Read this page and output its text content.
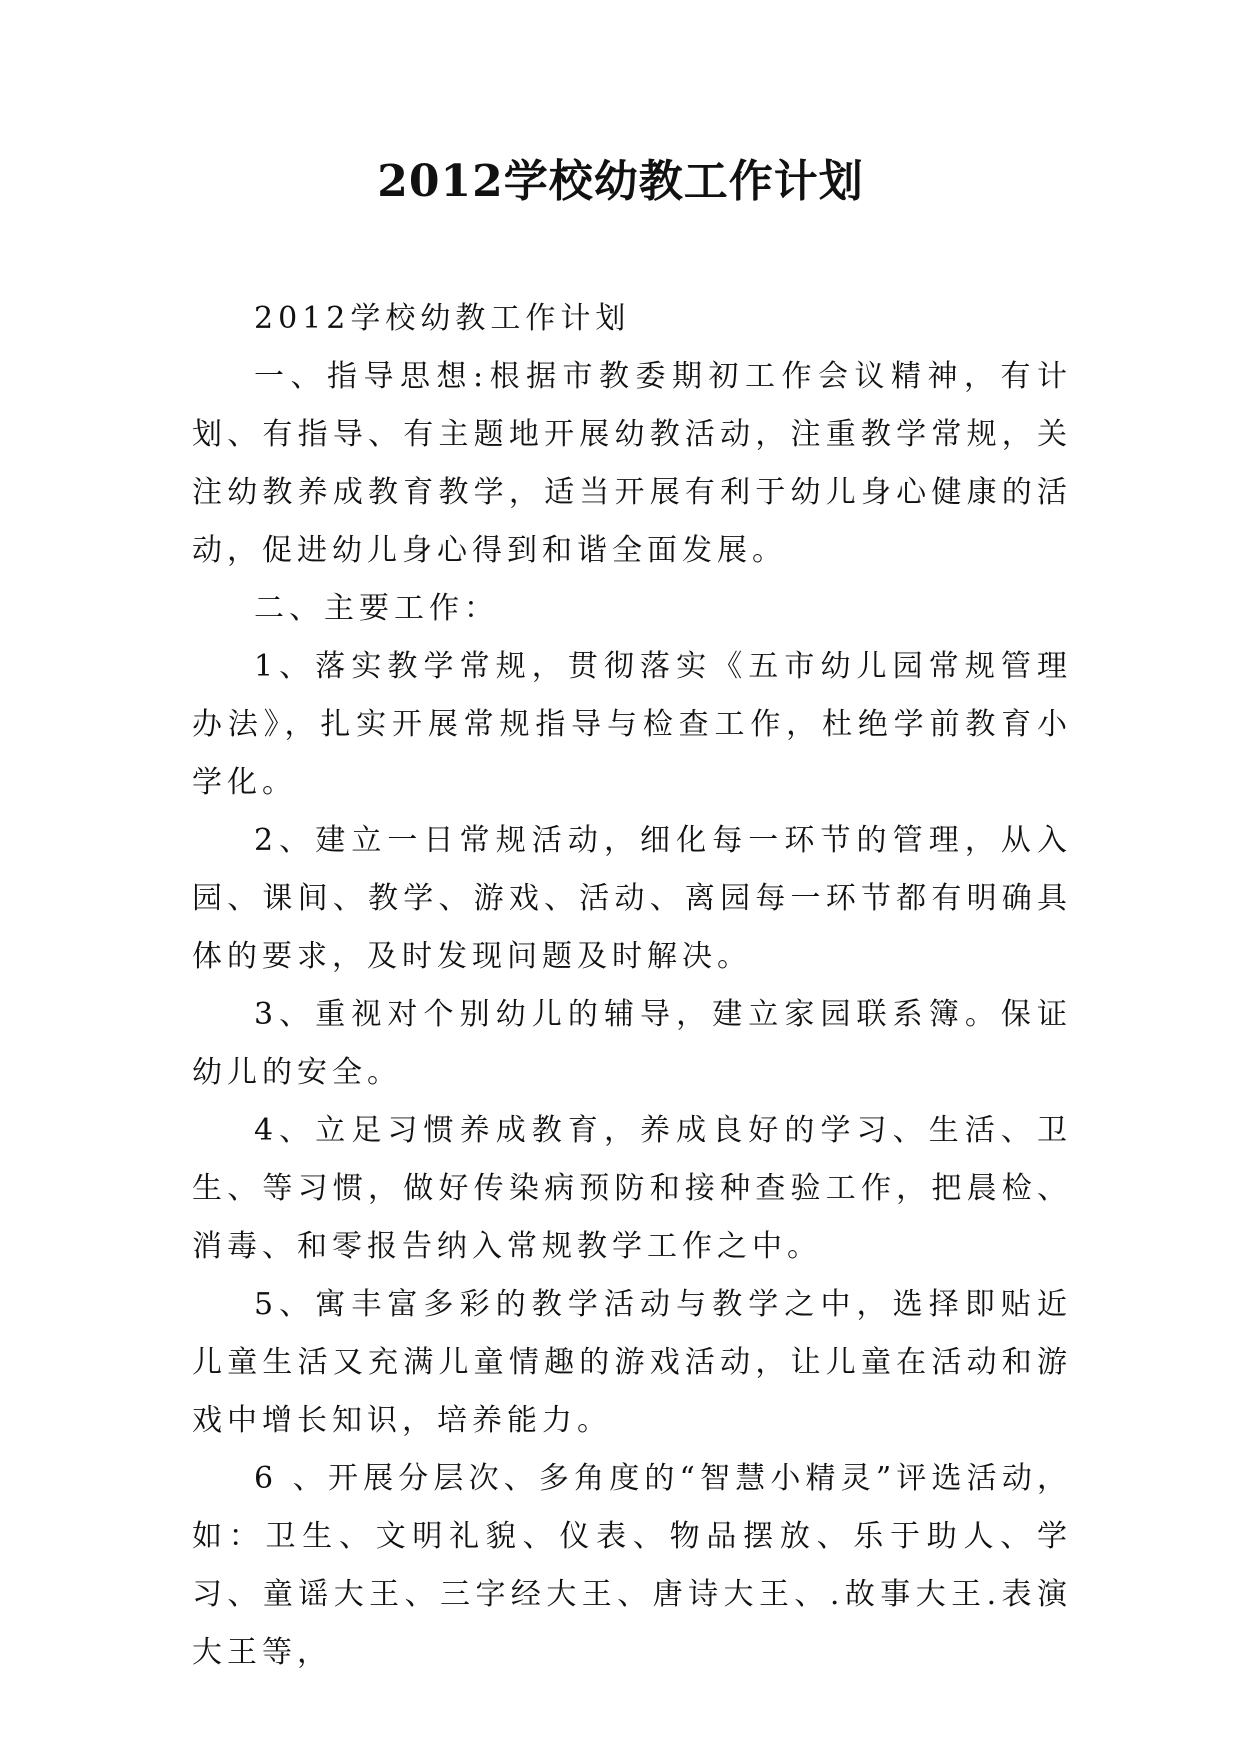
2012学校幼教工作计划

2012学校幼教工作计划

一、指导思想:根据市教委期初工作会议精神，有计划、有指导、有主题地开展幼教活动，注重教学常规，关注幼教养成教育教学，适当开展有利于幼儿身心健康的活动，促进幼儿身心得到和谐全面发展。

二、主要工作：

1、落实教学常规，贯彻落实《五市幼儿园常规管理办法》，扎实开展常规指导与检查工作，杜绝学前教育小学化。

2、建立一日常规活动，细化每一环节的管理，从入园、课间、教学、游戏、活动、离园每一环节都有明确具体的要求，及时发现问题及时解决。

3、重视对个别幼儿的辅导，建立家园联系簿。保证幼儿的安全。

4、立足习惯养成教育，养成良好的学习、生活、卫生、等习惯，做好传染病预防和接种查验工作，把晨检、消毒、和零报告纳入常规教学工作之中。

5、寓丰富多彩的教学活动与教学之中，选择即贴近儿童生活又充满儿童情趣的游戏活动，让儿童在活动和游戏中增长知识，培养能力。

6 、开展分层次、多角度的“智慧小精灵”评选活动，如：卫生、文明礼貌、仪表、物品摆放、乐于助人、学习、童谣大王、三字经大王、唐诗大王、.故事大王.表演大王等，
